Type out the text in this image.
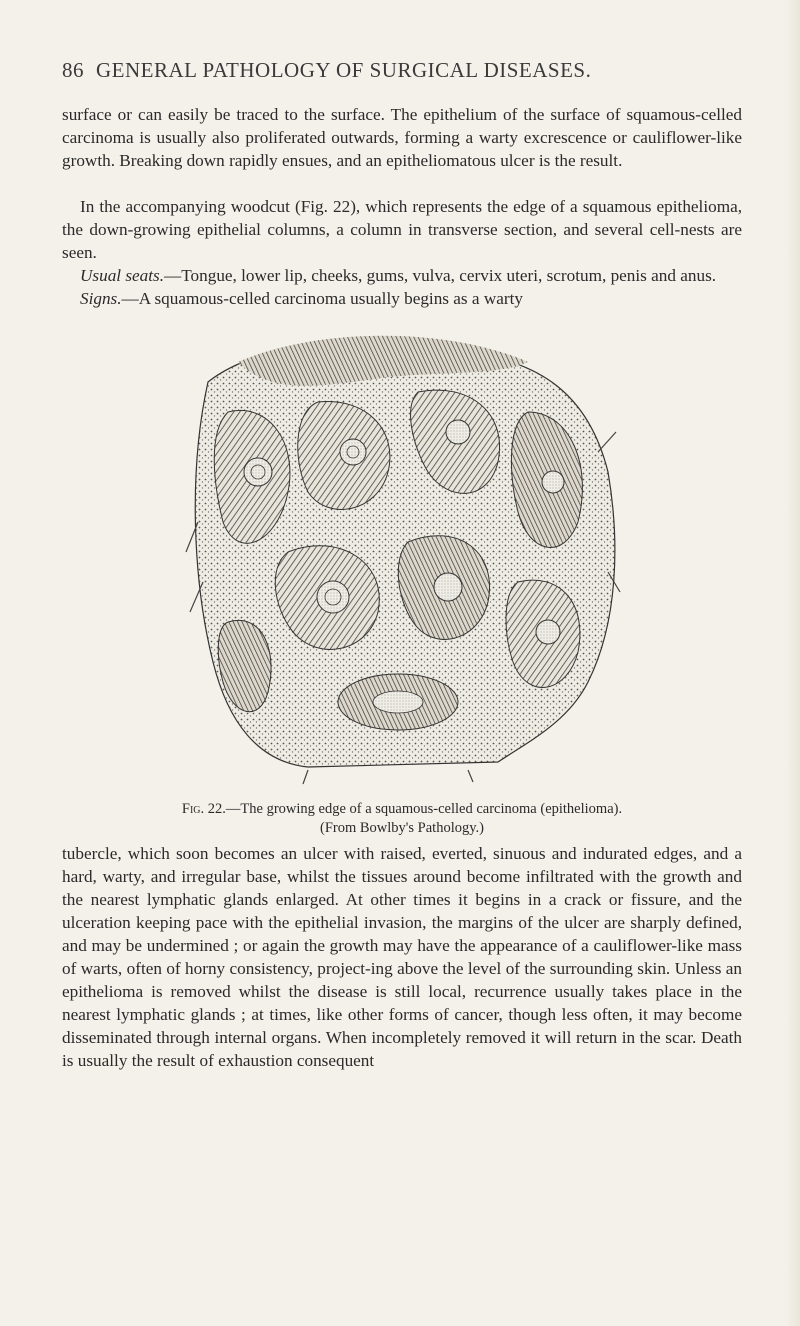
86 GENERAL PATHOLOGY OF SURGICAL DISEASES.

surface or can easily be traced to the surface. The epithelium of the surface of squamous-celled carcinoma is usually also proliferated outwards, forming a warty excrescence or cauliflower-like growth. Breaking down rapidly ensues, and an epitheliomatous ulcer is the result.

In the accompanying woodcut (Fig. 22), which represents the edge of a squamous epithelioma, the down-growing epithelial columns, a column in transverse section, and several cell-nests are seen.

Usual seats.—Tongue, lower lip, cheeks, gums, vulva, cervix uteri, scrotum, penis and anus.

Signs.—A squamous-celled carcinoma usually begins as a warty

Fig. 22.—The growing edge of a squamous-celled carcinoma (epithelioma).
(From Bowlby's Pathology.)

tubercle, which soon becomes an ulcer with raised, everted, sinuous and indurated edges, and a hard, warty, and irregular base, whilst the tissues around become infiltrated with the growth and the nearest lymphatic glands enlarged. At other times it begins in a crack or fissure, and the ulceration keeping pace with the epithelial invasion, the margins of the ulcer are sharply defined, and may be undermined ; or again the growth may have the appearance of a cauliflower-like mass of warts, often of horny consistency, project-ing above the level of the surrounding skin. Unless an epithelioma is removed whilst the disease is still local, recurrence usually takes place in the nearest lymphatic glands ; at times, like other forms of cancer, though less often, it may become disseminated through internal organs. When incompletely removed it will return in the scar. Death is usually the result of exhaustion consequent
